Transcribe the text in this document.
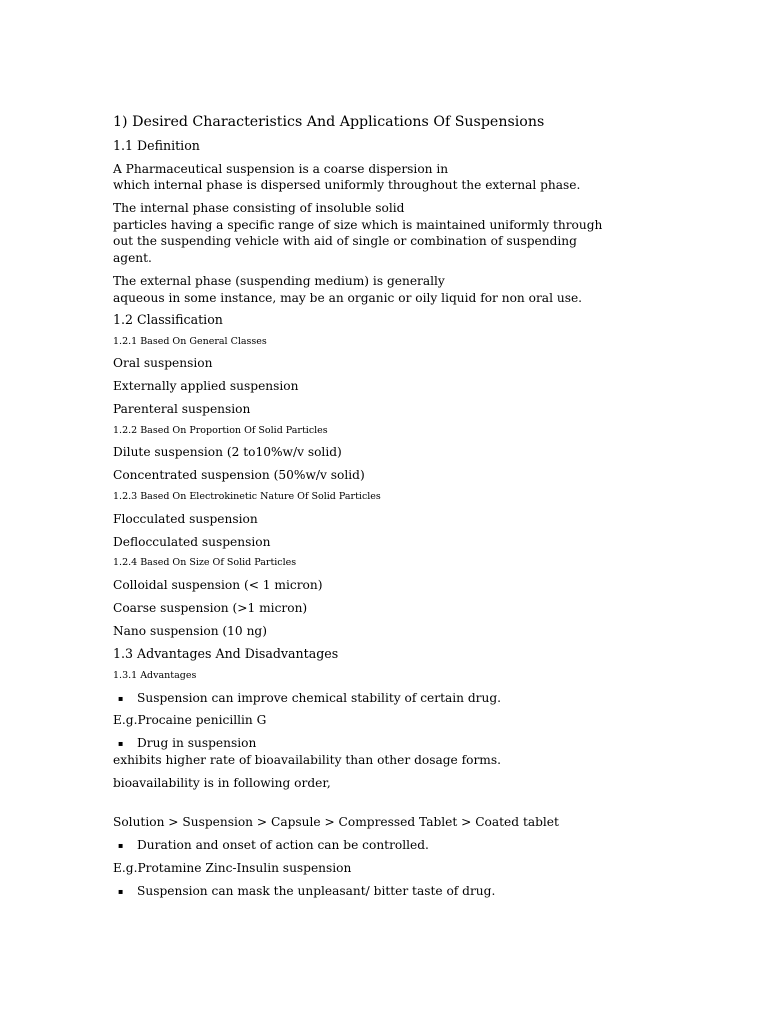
1) Desired Characteristics And Applications Of Suspensions
1.1 Definition
A Pharmaceutical suspension is a coarse dispersion in
which internal phase is dispersed uniformly throughout the external phase.
The internal phase consisting of insoluble solid
particles having a specific range of size which is maintained uniformly through
out the suspending vehicle with aid of single or combination of suspending
agent.
The external phase (suspending medium) is generally
aqueous in some instance, may be an organic or oily liquid for non oral use.
1.2 Classification
1.2.1 Based On General Classes
Oral suspension
Externally applied suspension
Parenteral suspension
1.2.2 Based On Proportion Of Solid Particles
Dilute suspension (2 to10%w/v solid)
Concentrated suspension (50%w/v solid)
1.2.3 Based On Electrokinetic Nature Of Solid Particles
Flocculated suspension
Deflocculated suspension
1.2.4 Based On Size Of Solid Particles
Colloidal suspension (< 1 micron)
Coarse suspension (>1 micron)
Nano suspension (10 ng)
1.3 Advantages And Disadvantages
1.3.1 Advantages
▪ Suspension can improve chemical stability of certain drug.
E.g.Procaine penicillin G
▪ Drug in suspension
exhibits higher rate of bioavailability than other dosage forms.
bioavailability is in following order,
Solution > Suspension > Capsule > Compressed Tablet > Coated tablet
▪ Duration and onset of action can be controlled.
E.g.Protamine Zinc-Insulin suspension
▪ Suspension can mask the unpleasant/ bitter taste of drug.
